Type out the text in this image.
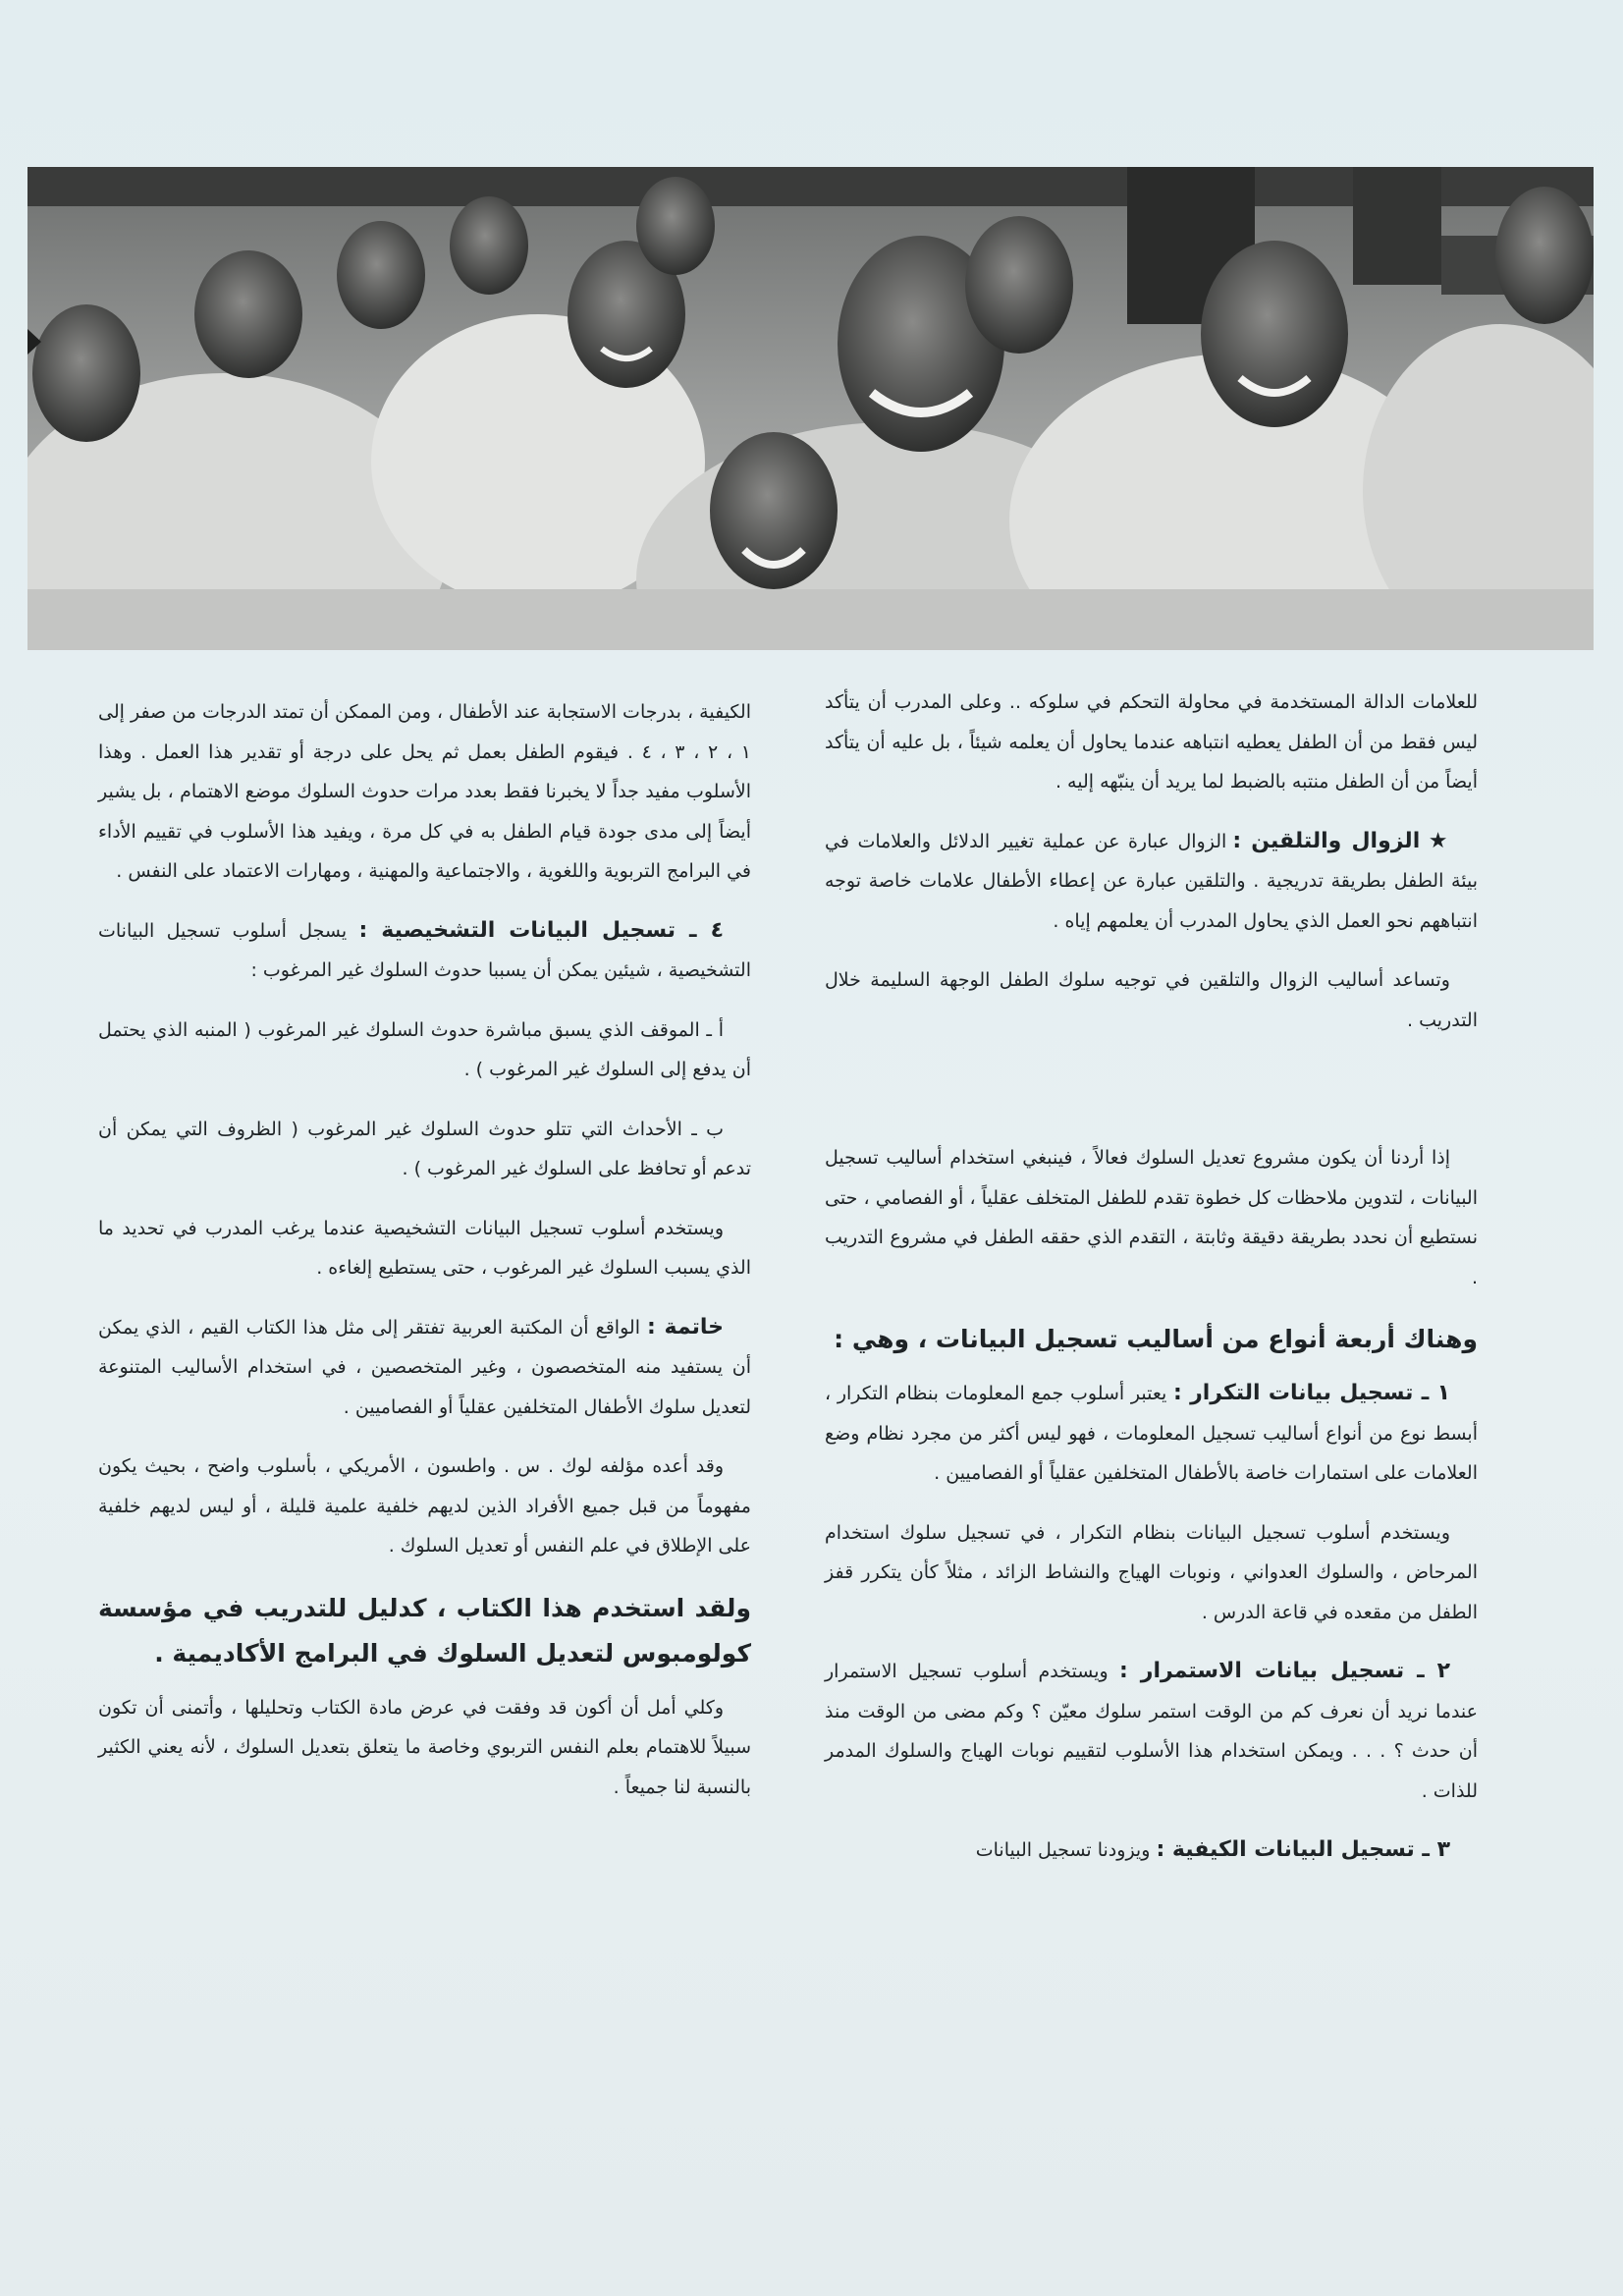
للعلامات الدالة المستخدمة في محاولة التحكم في سلوكه .. وعلى المدرب أن يتأكد ليس فقط من أن الطفل يعطيه انتباهه عندما يحاول أن يعلمه شيئاً ، بل عليه أن يتأكد أيضاً من أن الطفل منتبه بالضبط لما يريد أن ينبّهه إليه .

★ الزوال والتلقين : الزوال عبارة عن عملية تغيير الدلائل والعلامات في بيئة الطفل بطريقة تدريجية . والتلقين عبارة عن إعطاء الأطفال علامات خاصة توجه انتباههم نحو العمل الذي يحاول المدرب أن يعلمهم إياه .

وتساعد أساليب الزوال والتلقين في توجيه سلوك الطفل الوجهة السليمة خلال التدريب .

إذا أردنا أن يكون مشروع تعديل السلوك فعالاً ، فينبغي استخدام أساليب تسجيل البيانات ، لتدوين ملاحظات كل خطوة تقدم للطفل المتخلف عقلياً ، أو الفصامي ، حتى نستطيع أن نحدد بطريقة دقيقة وثابتة ، التقدم الذي حققه الطفل في مشروع التدريب .

وهناك أربعة أنواع من أساليب تسجيل البيانات ، وهي :

١ ـ تسجيل بيانات التكرار : يعتبر أسلوب جمع المعلومات بنظام التكرار ، أبسط نوع من أنواع أساليب تسجيل المعلومات ، فهو ليس أكثر من مجرد نظام وضع العلامات على استمارات خاصة بالأطفال المتخلفين عقلياً أو الفصاميين .

ويستخدم أسلوب تسجيل البيانات بنظام التكرار ، في تسجيل سلوك استخدام المرحاض ، والسلوك العدواني ، ونوبات الهياج والنشاط الزائد ، مثلاً كأن يتكرر قفز الطفل من مقعده في قاعة الدرس .

٢ ـ تسجيل بيانات الاستمرار : ويستخدم أسلوب تسجيل الاستمرار عندما نريد أن نعرف كم من الوقت استمر سلوك معيّن ؟ وكم مضى من الوقت منذ أن حدث ؟ . . . ويمكن استخدام هذا الأسلوب لتقييم نوبات الهياج والسلوك المدمر للذات .

٣ ـ تسجيل البيانات الكيفية : ويزودنا تسجيل البيانات

الكيفية ، بدرجات الاستجابة عند الأطفال ، ومن الممكن أن تمتد الدرجات من صفر إلى ١ ، ٢ ، ٣ ، ٤ . فيقوم الطفل بعمل ثم يحل على درجة أو تقدير هذا العمل . وهذا الأسلوب مفيد جداً لا يخبرنا فقط بعدد مرات حدوث السلوك موضع الاهتمام ، بل يشير أيضاً إلى مدى جودة قيام الطفل به في كل مرة ، ويفيد هذا الأسلوب في تقييم الأداء في البرامج التربوية واللغوية ، والاجتماعية والمهنية ، ومهارات الاعتماد على النفس .

٤ ـ تسجيل البيانات التشخيصية : يسجل أسلوب تسجيل البيانات التشخيصية ، شيئين يمكن أن يسببا حدوث السلوك غير المرغوب :

أ ـ الموقف الذي يسبق مباشرة حدوث السلوك غير المرغوب ( المنبه الذي يحتمل أن يدفع إلى السلوك غير المرغوب ) .

ب ـ الأحداث التي تتلو حدوث السلوك غير المرغوب ( الظروف التي يمكن أن تدعم أو تحافظ على السلوك غير المرغوب ) .

ويستخدم أسلوب تسجيل البيانات التشخيصية عندما يرغب المدرب في تحديد ما الذي يسبب السلوك غير المرغوب ، حتى يستطيع إلغاءه .

خاتمة : الواقع أن المكتبة العربية تفتقر إلى مثل هذا الكتاب القيم ، الذي يمكن أن يستفيد منه المتخصصون ، وغير المتخصصين ، في استخدام الأساليب المتنوعة لتعديل سلوك الأطفال المتخلفين عقلياً أو الفصاميين .

وقد أعده مؤلفه لوك . س . واطسون ، الأمريكي ، بأسلوب واضح ، بحيث يكون مفهوماً من قبل جميع الأفراد الذين لديهم خلفية علمية قليلة ، أو ليس لديهم خلفية على الإطلاق في علم النفس أو تعديل السلوك .

ولقد استخدم هذا الكتاب ، كدليل للتدريب في مؤسسة كولومبوس لتعديل السلوك في البرامج الأكاديمية .

وكلي أمل أن أكون قد وفقت في عرض مادة الكتاب وتحليلها ، وأتمنى أن تكون سبيلاً للاهتمام بعلم النفس التربوي وخاصة ما يتعلق بتعديل السلوك ، لأنه يعني الكثير بالنسبة لنا جميعاً .
